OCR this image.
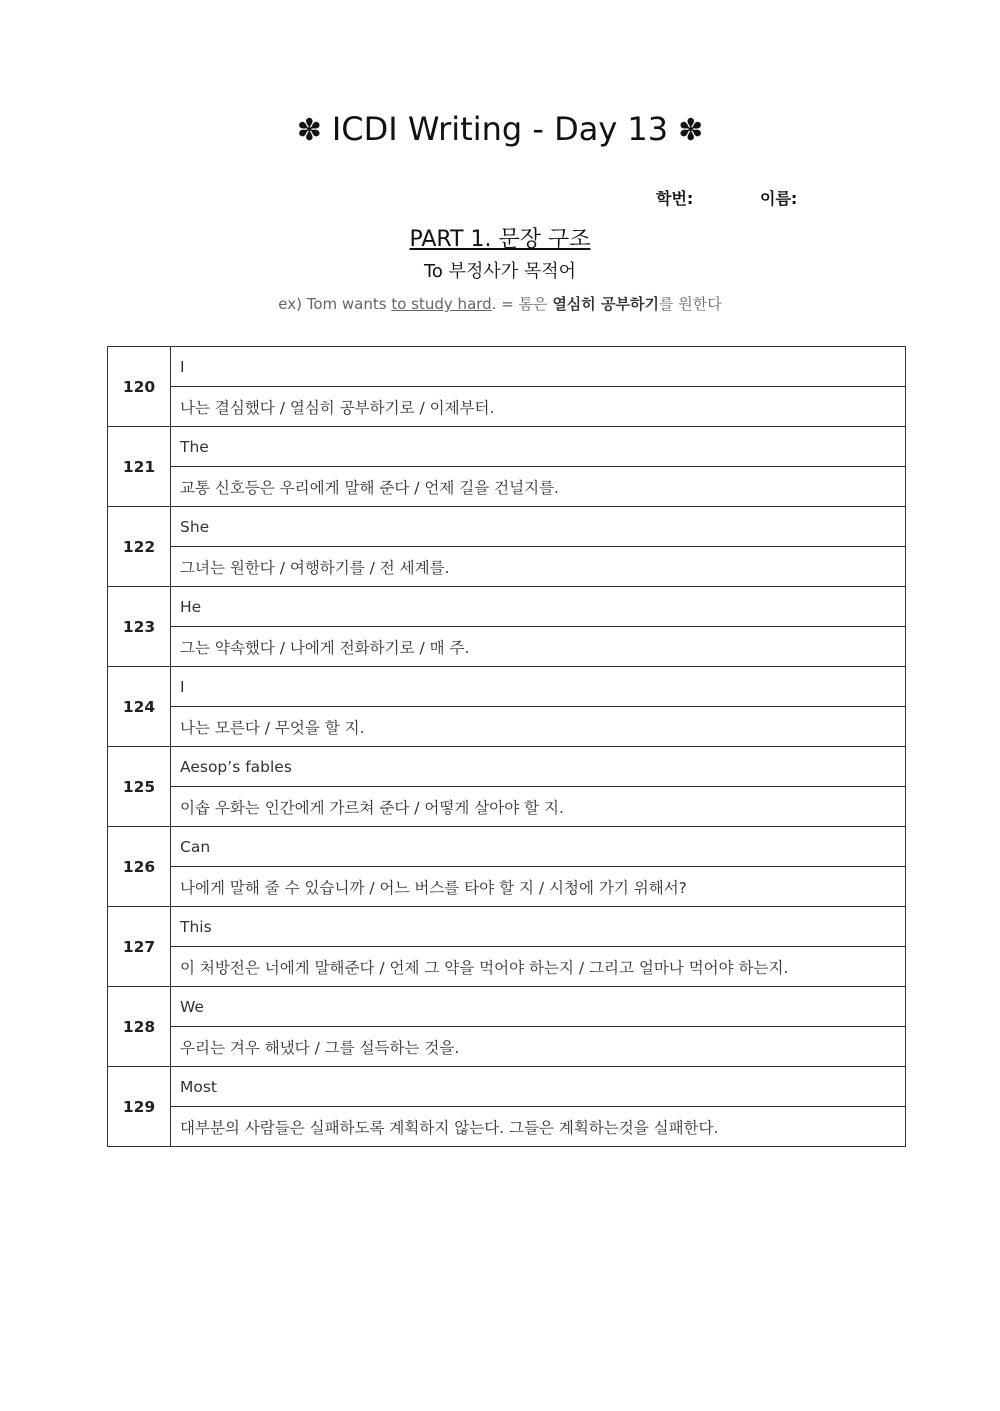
✽ ICDI Writing - Day 13 ✽
학번:	이름:
PART 1. 문장 구조
To 부정사가 목적어
ex) Tom wants to study hard. = 톰은 열심히 공부하기를 원한다
120	I
	나는 결심했다 / 열심히 공부하기로 / 이제부터.
121	The
	교통 신호등은 우리에게 말해 준다 / 언제 길을 건널지를.
122	She
	그녀는 원한다 / 여행하기를 / 전 세계를.
123	He
	그는 약속했다 / 나에게 전화하기로 / 매 주.
124	I
	나는 모른다 / 무엇을 할 지.
125	Aesop’s fables
	이솝 우화는 인간에게 가르쳐 준다 / 어떻게 살아야 할 지.
126	Can
	나에게 말해 줄 수 있습니까 / 어느 버스를 타야 할 지 / 시청에 가기 위해서?
127	This
	이 처방전은 너에게 말해준다 / 언제 그 약을 먹어야 하는지 / 그리고 얼마나 먹어야 하는지.
128	We
	우리는 겨우 해냈다 / 그를 설득하는 것을.
129	Most
	대부분의 사람들은 실패하도록 계획하지 않는다. 그들은 계획하는것을 실패한다.
